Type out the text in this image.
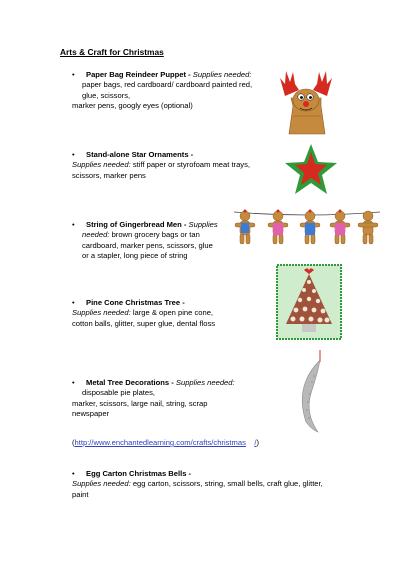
Arts & Craft for Christmas
• Paper Bag Reindeer Puppet - Supplies needed:
paper bags, red cardboard/ cardboard painted red,
glue, scissors,
marker pens, googly eyes (optional)
• Stand-alone Star Ornaments -
Supplies needed: stiff paper or styrofoam meat trays,
scissors, marker pens
• String of Gingerbread Men - Supplies
needed: brown grocery bags or tan
cardboard, marker pens, scissors, glue
or a stapler, long piece of string
• Pine Cone Christmas Tree -
Supplies needed: large & open pine cone,
cotton balls, glitter, super glue, dental floss
• Metal Tree Decorations - Supplies needed:
disposable pie plates,
marker, scissors, large nail, string, scrap
newspaper
(http://www.enchantedlearning.com/crafts/christmas /)
• Egg Carton Christmas Bells -
Supplies needed: egg carton, scissors, string, small bells, craft glue, glitter,
paint
